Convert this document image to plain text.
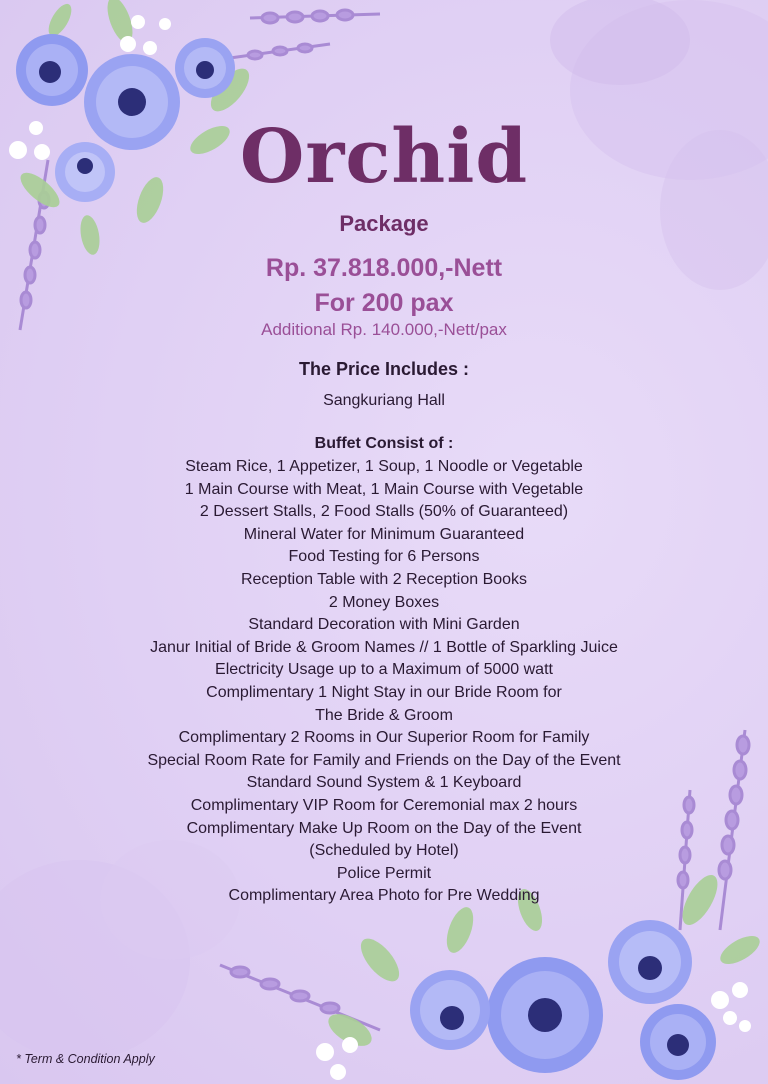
Orchid
Package
Rp. 37.818.000,-Nett
For 200 pax
Additional Rp. 140.000,-Nett/pax
The Price Includes :
Sangkuriang Hall
Buffet Consist of :
Steam Rice, 1 Appetizer, 1 Soup, 1 Noodle or Vegetable
1 Main Course with Meat, 1 Main Course with Vegetable
2 Dessert Stalls, 2 Food Stalls (50% of Guaranteed)
Mineral Water for Minimum Guaranteed
Food Testing for 6 Persons
Reception Table with 2 Reception Books
2 Money Boxes
Standard Decoration with Mini Garden
Janur Initial of Bride & Groom Names // 1 Bottle of Sparkling Juice
Electricity Usage up to a Maximum of 5000 watt
Complimentary 1 Night Stay in our Bride Room for
The Bride & Groom
Complimentary 2 Rooms in Our Superior Room for Family
Special Room Rate for Family and Friends on the Day of the Event
Standard Sound System & 1 Keyboard
Complimentary VIP Room for Ceremonial max 2 hours
Complimentary Make Up Room on the Day of the Event
(Scheduled by Hotel)
Police Permit
Complimentary Area Photo for Pre Wedding
* Term & Condition Apply
